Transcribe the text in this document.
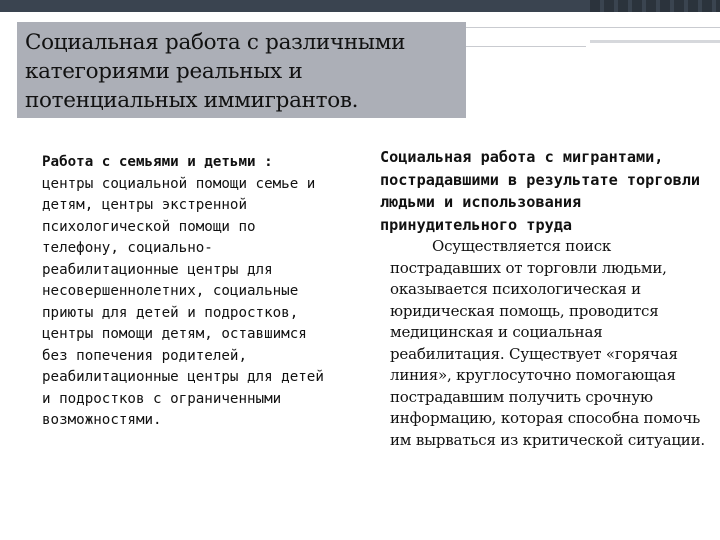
Социальная работа с различными
категориями реальных и
потенциальных иммигрантов.
Работа с семьями и детьми :
центры социальной помощи семье и детям, центры экстренной психологической помощи по телефону, социально-реабилитационные центры для несовершеннолетних, социальные приюты для детей и подростков, центры помощи детям, оставшимся без попечения родителей, реабилитационные центры для детей и подростков с ограниченными возможностями.
Социальная работа с мигрантами, пострадавшими в результате торговли людьми и использования принудительного труда
Осуществляется поиск пострадавших от торговли людьми, оказывается психологическая и юридическая помощь, проводится медицинская и социальная реабилитация. Существует «горячая линия», круглосуточно помогающая пострадавшим получить срочную информацию, которая способна помочь им вырваться из критической ситуации.
